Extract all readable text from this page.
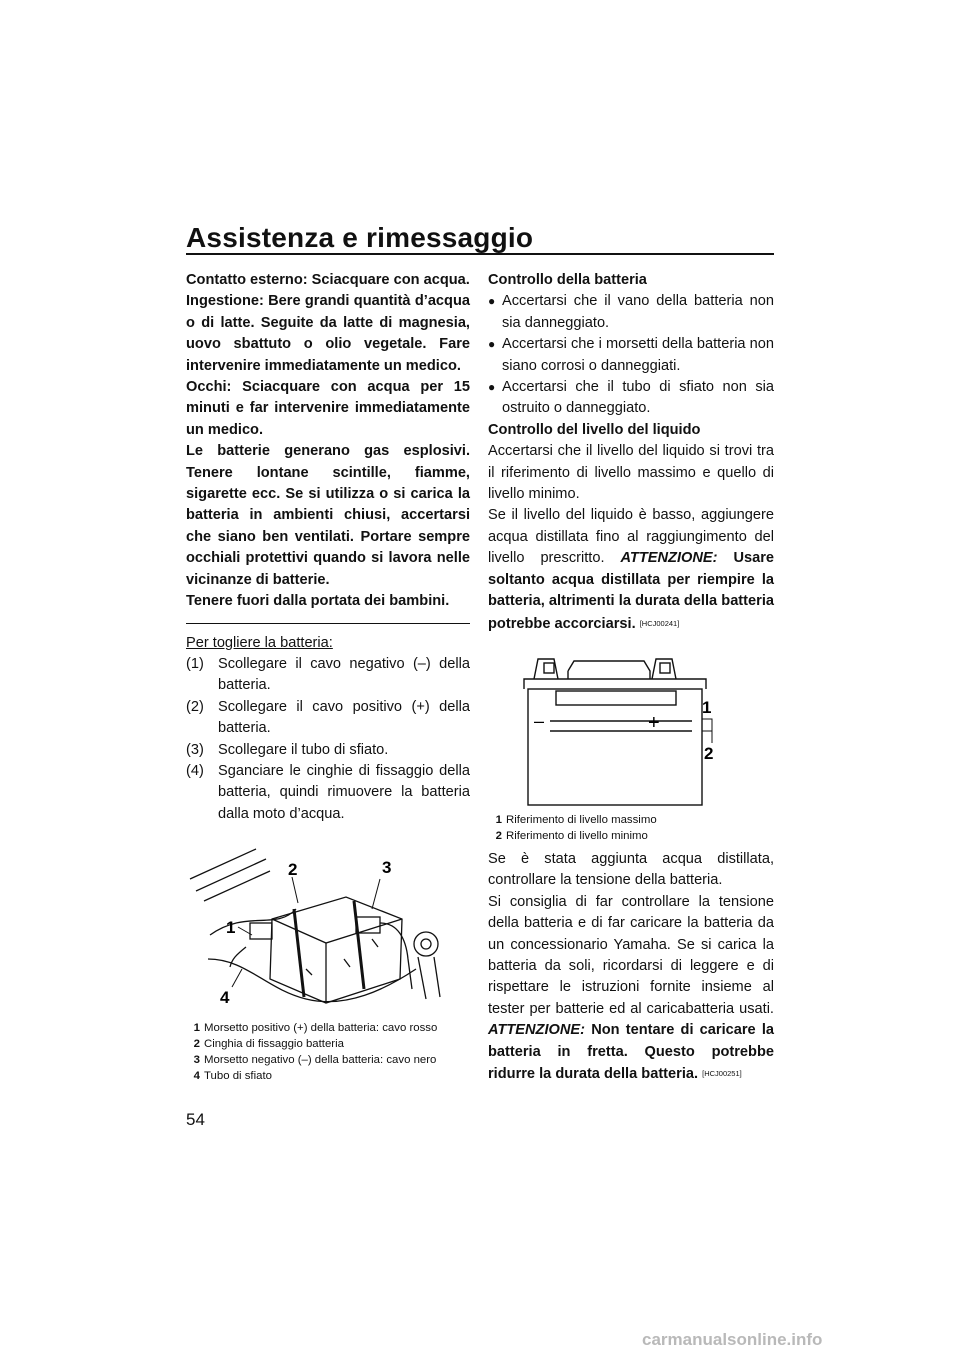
Assistenza e rimessaggio

Contatto esterno: Sciacquare con acqua.

Ingestione: Bere grandi quantità d’acqua o di latte. Seguite da latte di magnesia, uovo sbattuto o olio vegetale. Fare intervenire immediatamente un medico.

Occhi: Sciacquare con acqua per 15 minuti e far intervenire immediatamente un medico.

Le batterie generano gas esplosivi. Tenere lontane scintille, fiamme, sigarette ecc. Se si utilizza o si carica la batteria in ambienti chiusi, accertarsi che siano ben ventilati. Portare sempre occhiali protettivi quando si lavora nelle vicinanze di batterie.

Tenere fuori dalla portata dei bambini.

Per togliere la batteria:
(1) Scollegare il cavo negativo (–) della batteria.
(2) Scollegare il cavo positivo (+) della batteria.
(3) Scollegare il tubo di sfiato.
(4) Sganciare le cinghie di fissaggio della batteria, quindi rimuovere la batteria dalla moto d’acqua.
1
2	3
4
1 Morsetto positivo (+) della batteria: cavo rosso
2 Cinghia di fissaggio batteria
3 Morsetto negativo (–) della batteria: cavo nero
4 Tubo di sfiato
Controllo della batteria
● Accertarsi che il vano della batteria non sia danneggiato.
● Accertarsi che i morsetti della batteria non siano corrosi o danneggiati.
● Accertarsi che il tubo di sfiato non sia ostruito o danneggiato.
Controllo del livello del liquido

Accertarsi che il livello del liquido si trovi tra il riferimento di livello massimo e quello di livello minimo.

Se il livello del liquido è basso, aggiungere acqua distillata fino al raggiungimento del livello prescritto. ATTENZIONE: Usare soltanto acqua distillata per riempire la batteria, altrimenti la durata della batteria potrebbe accorciarsi. [HCJ00241]

–	+
1
2
1 Riferimento di livello massimo
2 Riferimento di livello minimo

Se è stata aggiunta acqua distillata, controllare la tensione della batteria.

Si consiglia di far controllare la tensione della batteria e di far caricare la batteria da un concessionario Yamaha. Se si carica la batteria da soli, ricordarsi di leggere e di rispettare le istruzioni fornite insieme al tester per batterie ed al caricabatteria usati. ATTENZIONE: Non tentare di caricare la batteria in fretta. Questo potrebbe ridurre la durata della batteria. [HCJ00251]

54
carmanualsonline.info
